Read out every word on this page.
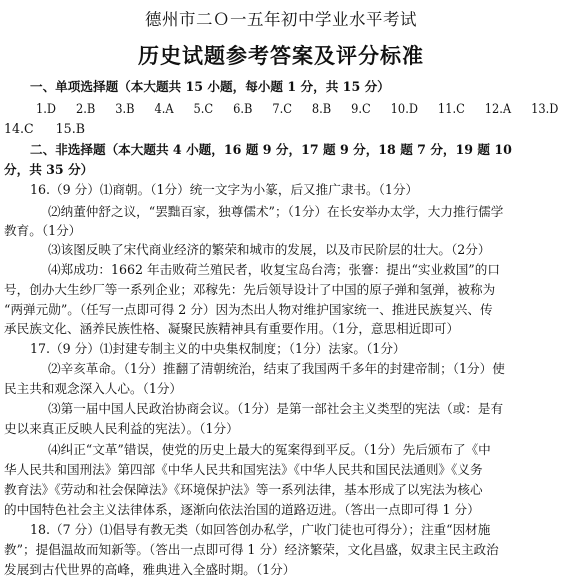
德州市二Ｏ一五年初中学业水平考试
历史试题参考答案及评分标准
一、单项选择题（本大题共 15 小题，每小题 1 分，共 15 分）
1.D 2.B 3.B 4.A 5.C 6.B 7.C 8.B 9.C 10.D 11.C 12.A 13.D
14.C 15.B
二、非选择题（本大题共 4 小题，16 题 9 分，17 题 9 分，18 题 7 分，19 题 10
分，共 35 分）
16.（9 分）⑴商朝。（1分）统一文字为小篆，后又推广隶书。（1分）
⑵纳董仲舒之议，“罢黜百家，独尊儒术”；（1分）在长安举办太学，大力推行儒学
教育。（1分）
⑶该图反映了宋代商业经济的繁荣和城市的发展，以及市民阶层的壮大。（2分）
⑷郑成功：1662 年击败荷兰殖民者，收复宝岛台湾；张謇：提出“实业救国”的口
号，创办大生纱厂等一系列企业；邓稼先：先后领导设计了中国的原子弹和氢弹，被称为
“两弹元勋”。（任写一点即可得 2 分）因为杰出人物对维护国家统一、推进民族复兴、传
承民族文化、涵养民族性格、凝聚民族精神具有重要作用。（1分，意思相近即可）
17.（9 分）⑴封建专制主义的中央集权制度；（1分）法家。（1分）
⑵辛亥革命。（1分）推翻了清朝统治，结束了我国两千多年的封建帝制；（1分）使
民主共和观念深入人心。（1分）
⑶第一届中国人民政治协商会议。（1分）是第一部社会主义类型的宪法（或：是有
史以来真正反映人民利益的宪法）。（1分）
⑷纠正“文革”错误，使党的历史上最大的冤案得到平反。（1分）先后颁布了《中
华人民共和国刑法》第四部《中华人民共和国宪法》《中华人民共和国民法通则》《义务
教育法》《劳动和社会保障法》《环境保护法》等一系列法律，基本形成了以宪法为核心
的中国特色社会主义法律体系，逐渐向依法治国的道路迈进。（答出一点即可得 1 分）
18.（7 分）⑴倡导有教无类（如回答创办私学，广收门徒也可得分）；注重“因材施
教”；提倡温故而知新等。（答出一点即可得 1 分）经济繁荣，文化昌盛，奴隶主民主政治
发展到古代世界的高峰，雅典进入全盛时期。（1分）
